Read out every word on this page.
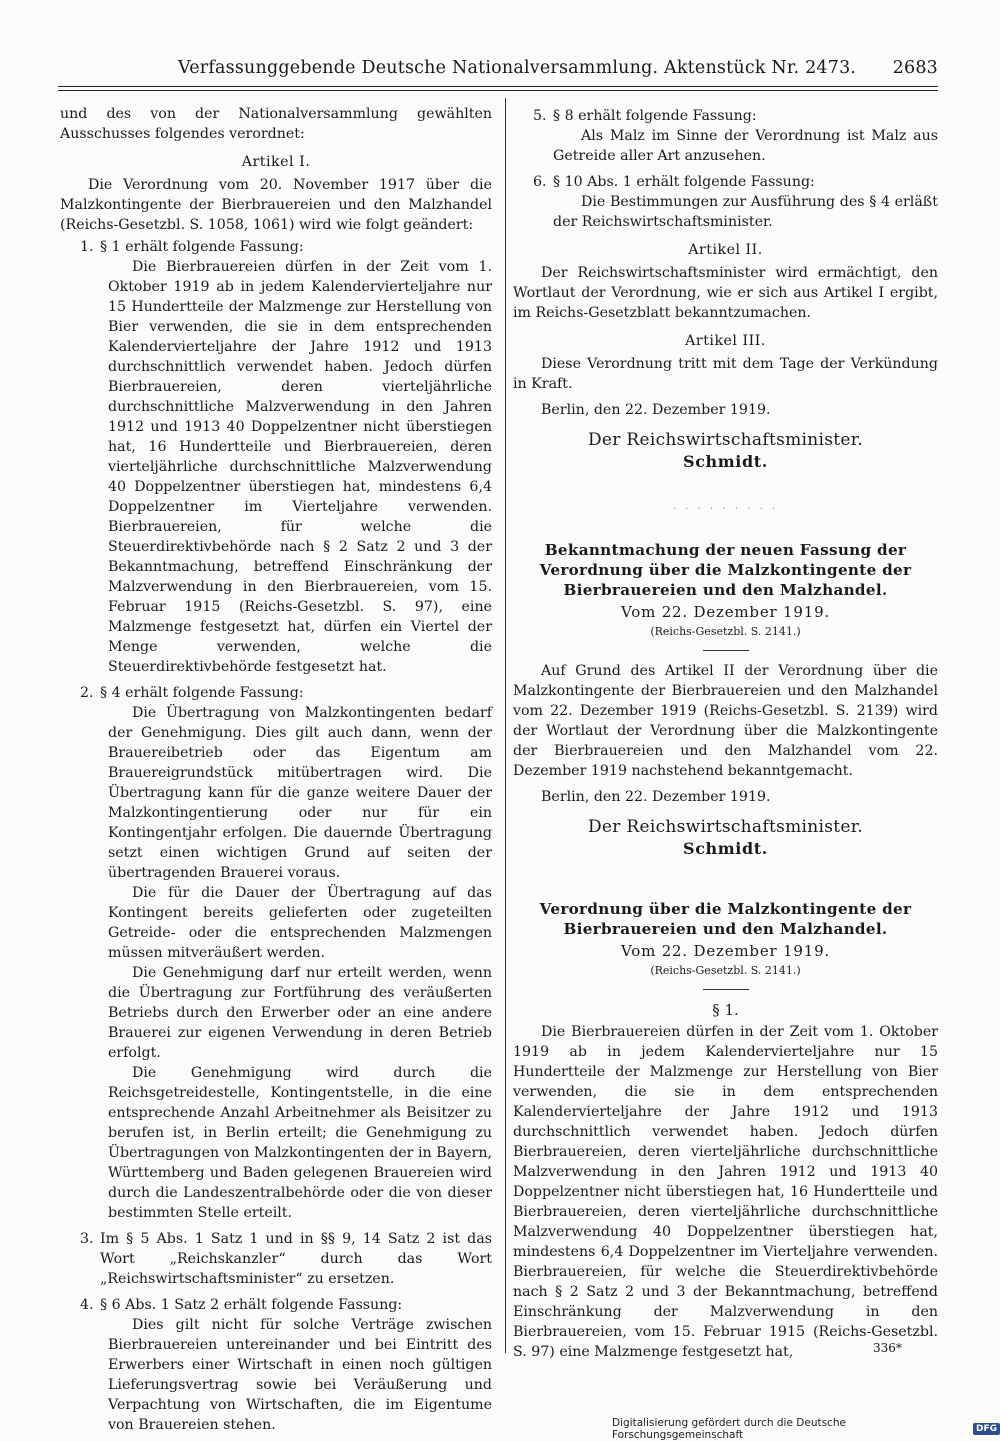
Verfassunggebende Deutsche Nationalversammlung. Aktenstück Nr. 2473. 2683

und des von der Nationalversammlung gewählten Ausschusses folgendes verordnet:

Artikel I.

Die Verordnung vom 20. November 1917 über die Malzkontingente der Bierbrauereien und den Malzhandel (Reichs-Gesetzbl. S. 1058, 1061) wird wie folgt geändert:

1. § 1 erhält folgende Fassung:

Die Bierbrauereien dürfen in der Zeit vom 1. Oktober 1919 ab in jedem Kalendervierteljahre nur 15 Hundertteile der Malzmenge zur Herstellung von Bier verwenden, die sie in dem entsprechenden Kalendervierteljahre der Jahre 1912 und 1913 durchschnittlich verwendet haben. Jedoch dürfen Bierbrauereien, deren vierteljährliche durchschnittliche Malzverwendung in den Jahren 1912 und 1913 40 Doppelzentner nicht überstiegen hat, 16 Hundertteile und Bierbrauereien, deren vierteljährliche durchschnittliche Malzverwendung 40 Doppelzentner überstiegen hat, mindestens 6,4 Doppelzentner im Vierteljahre verwenden. Bierbrauereien, für welche die Steuerdirektivbehörde nach § 2 Satz 2 und 3 der Bekanntmachung, betreffend Einschränkung der Malzverwendung in den Bierbrauereien, vom 15. Februar 1915 (Reichs-Gesetzbl. S. 97), eine Malzmenge festgesetzt hat, dürfen ein Viertel der Menge verwenden, welche die Steuerdirektivbehörde festgesetzt hat.

2. § 4 erhält folgende Fassung:

Die Übertragung von Malzkontingenten bedarf der Genehmigung. Dies gilt auch dann, wenn der Brauereibetrieb oder das Eigentum am Brauereigrundstück mitübertragen wird. Die Übertragung kann für die ganze weitere Dauer der Malzkontingentierung oder nur für ein Kontingentjahr erfolgen. Die dauernde Übertragung setzt einen wichtigen Grund auf seiten der übertragenden Brauerei voraus.

Die für die Dauer der Übertragung auf das Kontingent bereits gelieferten oder zugeteilten Getreide- oder die entsprechenden Malzmengen müssen mitveräußert werden.

Die Genehmigung darf nur erteilt werden, wenn die Übertragung zur Fortführung des veräußerten Betriebs durch den Erwerber oder an eine andere Brauerei zur eigenen Verwendung in deren Betrieb erfolgt.

Die Genehmigung wird durch die Reichsgetreidestelle, Kontingentstelle, in die eine entsprechende Anzahl Arbeitnehmer als Beisitzer zu berufen ist, in Berlin erteilt; die Genehmigung zu Übertragungen von Malzkontingenten der in Bayern, Württemberg und Baden gelegenen Brauereien wird durch die Landeszentralbehörde oder die von dieser bestimmten Stelle erteilt.

3. Im § 5 Abs. 1 Satz 1 und in §§ 9, 14 Satz 2 ist das Wort „Reichskanzler“ durch das Wort „Reichswirtschaftsminister“ zu ersetzen.
4. § 6 Abs. 1 Satz 2 erhält folgende Fassung:

Dies gilt nicht für solche Verträge zwischen Bierbrauereien untereinander und bei Eintritt des Erwerbers einer Wirtschaft in einen noch gültigen Lieferungsvertrag sowie bei Veräußerung und Verpachtung von Wirtschaften, die im Eigentume von Brauereien stehen.

5. § 8 erhält folgende Fassung:

Als Malz im Sinne der Verordnung ist Malz aus Getreide aller Art anzusehen.

6. § 10 Abs. 1 erhält folgende Fassung:

Die Bestimmungen zur Ausführung des § 4 erläßt der Reichswirtschaftsminister.

Artikel II.

Der Reichswirtschaftsminister wird ermächtigt, den Wortlaut der Verordnung, wie er sich aus Artikel I ergibt, im Reichs-Gesetzblatt bekanntzumachen.

Artikel III.

Diese Verordnung tritt mit dem Tage der Verkündung in Kraft.

Berlin, den 22. Dezember 1919.

Der Reichswirtschaftsminister.
Schmidt.
· · · · · · · · ·
Bekanntmachung der neuen Fassung der Verordnung über die Malzkontingente der Bierbrauereien und den Malzhandel.
Vom 22. Dezember 1919.
(Reichs-Gesetzbl. S. 2141.)

Auf Grund des Artikel II der Verordnung über die Malzkontingente der Bierbrauereien und den Malzhandel vom 22. Dezember 1919 (Reichs-Gesetzbl. S. 2139) wird der Wortlaut der Verordnung über die Malzkontingente der Bierbrauereien und den Malzhandel vom 22. Dezember 1919 nachstehend bekanntgemacht.

Berlin, den 22. Dezember 1919.

Der Reichswirtschaftsminister.
Schmidt.
Verordnung über die Malzkontingente der Bierbrauereien und den Malzhandel.
Vom 22. Dezember 1919.
(Reichs-Gesetzbl. S. 2141.)
§ 1.

Die Bierbrauereien dürfen in der Zeit vom 1. Oktober 1919 ab in jedem Kalendervierteljahre nur 15 Hundertteile der Malzmenge zur Herstellung von Bier verwenden, die sie in dem entsprechenden Kalendervierteljahre der Jahre 1912 und 1913 durchschnittlich verwendet haben. Jedoch dürfen Bierbrauereien, deren vierteljährliche durchschnittliche Malzverwendung in den Jahren 1912 und 1913 40 Doppelzentner nicht überstiegen hat, 16 Hundertteile und Bierbrauereien, deren vierteljährliche durchschnittliche Malzverwendung 40 Doppelzentner überstiegen hat, mindestens 6,4 Doppelzentner im Vierteljahre verwenden. Bierbrauereien, für welche die Steuerdirektivbehörde nach § 2 Satz 2 und 3 der Bekanntmachung, betreffend Einschränkung der Malzverwendung in den Bierbrauereien, vom 15. Februar 1915 (Reichs-Gesetzbl. S. 97) eine Malzmenge festgesetzt hat,	336*
Digitalisierung gefördert durch die Deutsche Forschungsgemeinschaft	DFG
